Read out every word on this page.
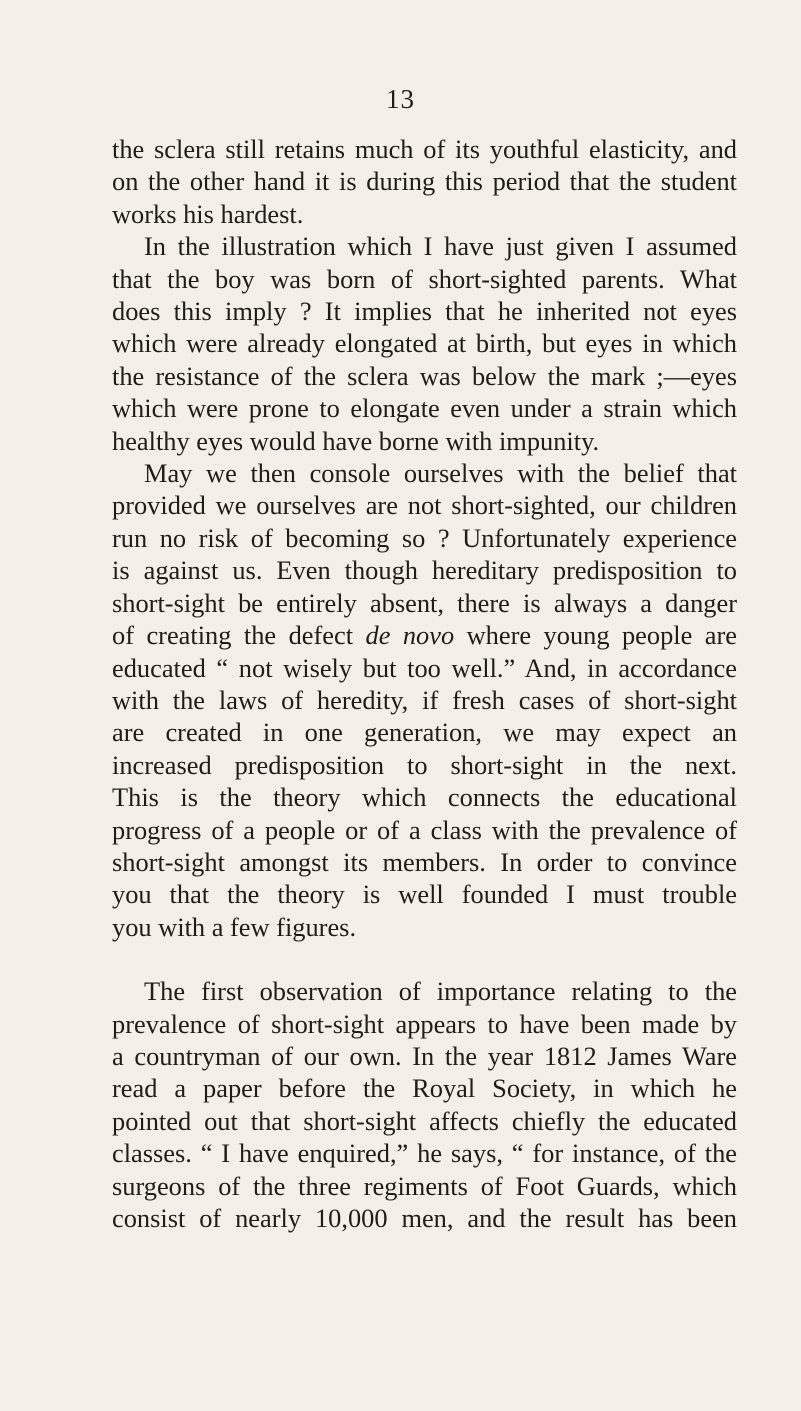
13

the sclera still retains much of its youthful elasticity, and
on the other hand it is during this period that the student
works his hardest.

In the illustration which I have just given I assumed
that the boy was born of short-sighted parents. What
does this imply ? It implies that he inherited not eyes
which were already elongated at birth, but eyes in which
the resistance of the sclera was below the mark ;—eyes
which were prone to elongate even under a strain which
healthy eyes would have borne with impunity.

May we then console ourselves with the belief that
provided we ourselves are not short-sighted, our children
run no risk of becoming so ? Unfortunately experience
is against us. Even though hereditary predisposition to
short-sight be entirely absent, there is always a danger
of creating the defect de novo where young people are
educated “ not wisely but too well.” And, in accordance
with the laws of heredity, if fresh cases of short-sight
are created in one generation, we may expect an
increased predisposition to short-sight in the next.
This is the theory which connects the educational
progress of a people or of a class with the prevalence of
short-sight amongst its members. In order to convince
you that the theory is well founded I must trouble
you with a few figures.

The first observation of importance relating to the
prevalence of short-sight appears to have been made by
a countryman of our own. In the year 1812 James Ware
read a paper before the Royal Society, in which he
pointed out that short-sight affects chiefly the educated
classes. “ I have enquired,” he says, “ for instance, of the
surgeons of the three regiments of Foot Guards, which
consist of nearly 10,000 men, and the result has been
